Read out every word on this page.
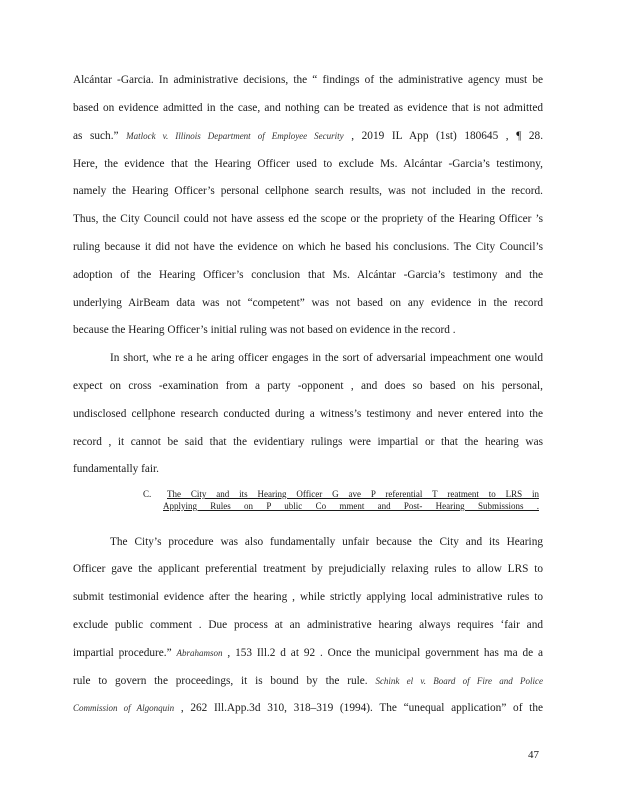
Alcántar -Garcia. In administrative decisions, the “ findings of the administrative agency must be
based on evidence admitted in the case, and nothing can be treated as evidence that is not admitted
as such.” Matlock v. Illinois Department of Employee Security , 2019 IL App (1st) 180645 , ¶ 28.
Here, the evidence that the Hearing Officer used to exclude Ms. Alcántar -Garcia’s testimony,
namely the Hearing Officer’s personal cellphone search results, was not included in the record.
Thus, the City Council could not have assess ed the scope or the propriety of the Hearing Officer ’s
ruling because it did not have the evidence on which he based his conclusions. The City Council’s
adoption of the Hearing Officer’s conclusion that Ms. Alcántar -Garcia’s testimony and the
underlying AirBeam data was not “competent” was not based on any evidence in the record
because the Hearing Officer’s initial ruling was not based on evidence in the record .
In short, whe re a he aring officer engages in the sort of adversarial impeachment one would
expect on cross -examination from a party -opponent , and does so based on his personal,
undisclosed cellphone research conducted during a witness’s testimony and never entered into the
record , it cannot be said that the evidentiary rulings were impartial or that the hearing was
fundamentally fair.
C. The City and its Hearing Officer G ave P referential T reatment to LRS in
Applying Rules on P ublic Co mment and Post- Hearing Submissions .
The City’s procedure was also fundamentally unfair because the City and its Hearing
Officer gave the applicant preferential treatment by prejudicially relaxing rules to allow LRS to
submit testimonial evidence after the hearing , while strictly applying local administrative rules to
exclude public comment . Due process at an administrative hearing always requires ‘fair and
impartial procedure.” Abrahamson , 153 Ill.2 d at 92 . Once the municipal government has ma de a
rule to govern the proceedings, it is bound by the rule. Schink el v. Board of Fire and Police
Commission of Algonquin , 262 Ill.App.3d 310, 318–319 (1994). The “unequal application” of the
47
